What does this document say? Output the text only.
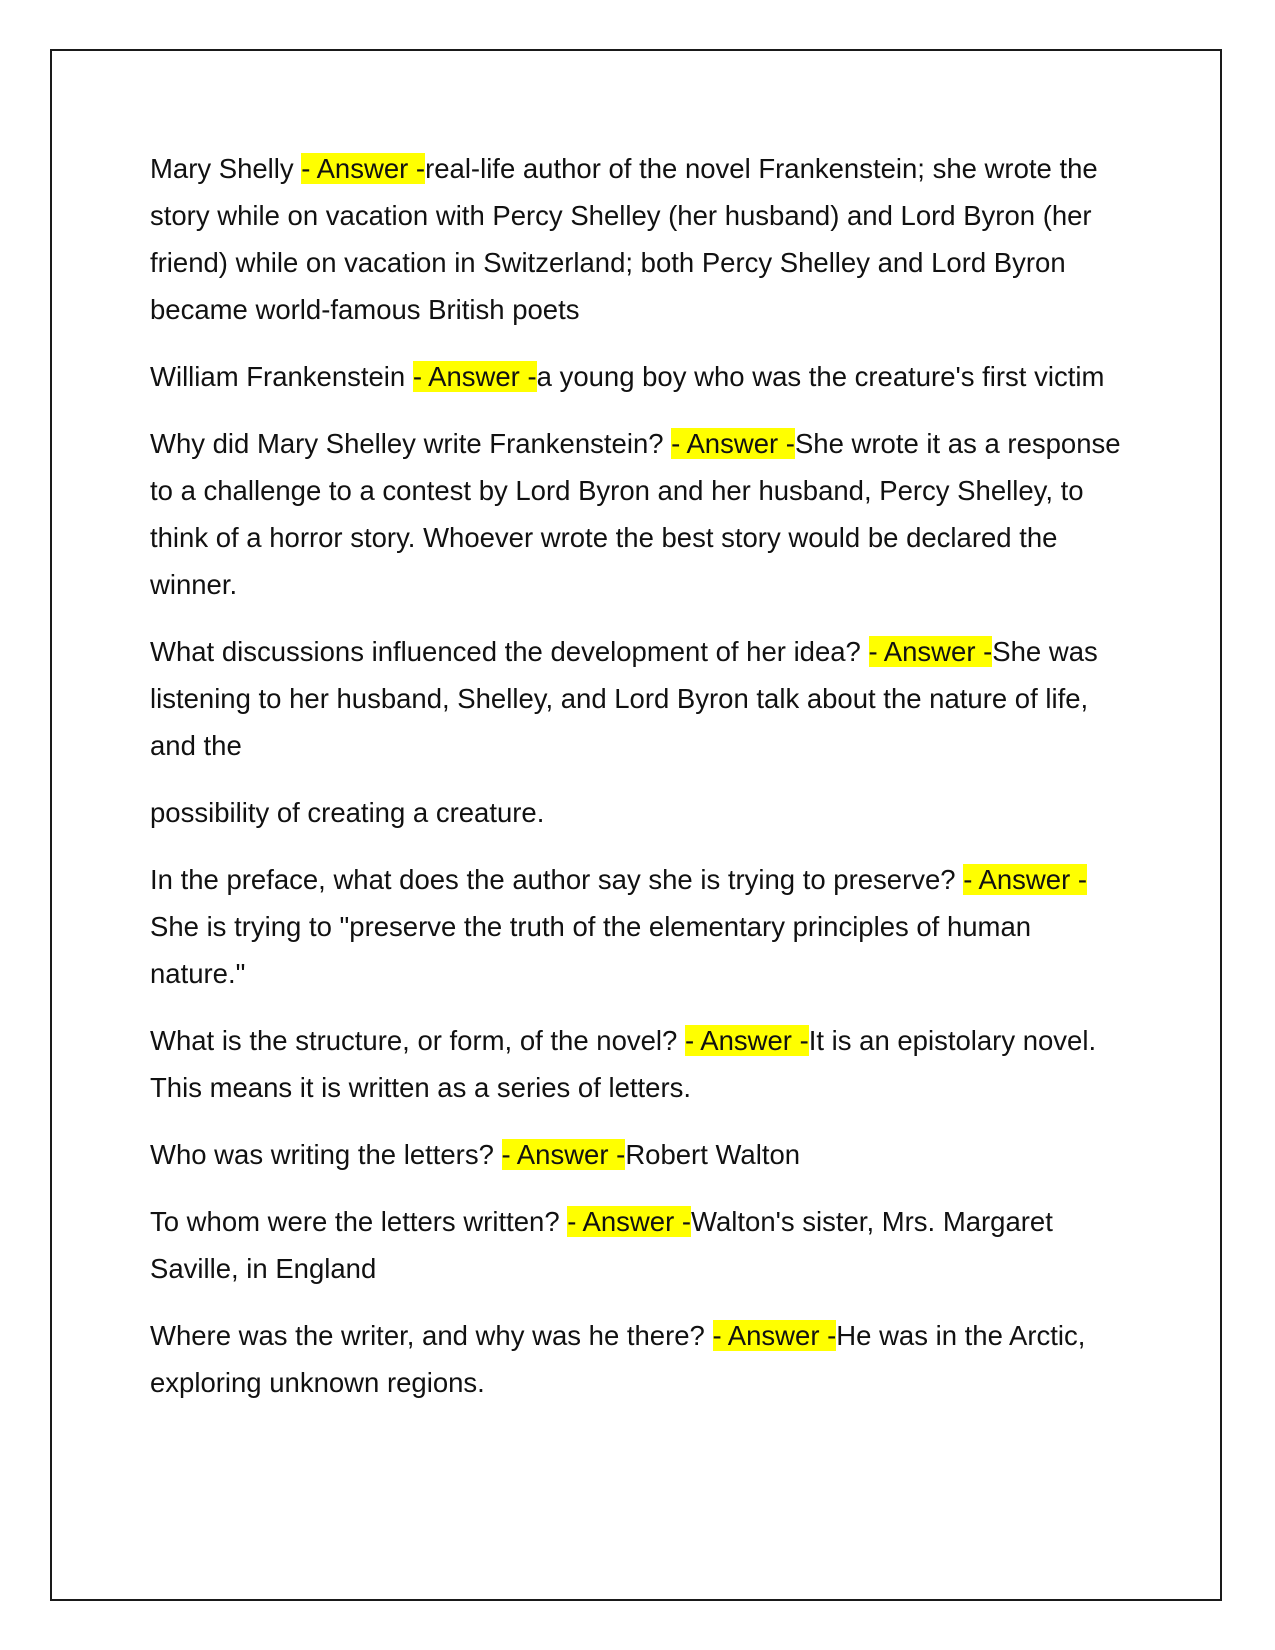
Mary Shelly - Answer -real-life author of the novel Frankenstein; she wrote the story while on vacation with Percy Shelley (her husband) and Lord Byron (her friend) while on vacation in Switzerland; both Percy Shelley and Lord Byron became world-famous British poets

William Frankenstein - Answer -a young boy who was the creature's first victim

Why did Mary Shelley write Frankenstein? - Answer -She wrote it as a response to a challenge to a contest by Lord Byron and her husband, Percy Shelley, to think of a horror story. Whoever wrote the best story would be declared the winner.

What discussions influenced the development of her idea? - Answer -She was listening to her husband, Shelley, and Lord Byron talk about the nature of life, and the

possibility of creating a creature.

In the preface, what does the author say she is trying to preserve? - Answer -She is trying to "preserve the truth of the elementary principles of human nature."

What is the structure, or form, of the novel? - Answer -It is an epistolary novel. This means it is written as a series of letters.

Who was writing the letters? - Answer -Robert Walton

To whom were the letters written? - Answer -Walton's sister, Mrs. Margaret Saville, in England

Where was the writer, and why was he there? - Answer -He was in the Arctic, exploring unknown regions.
